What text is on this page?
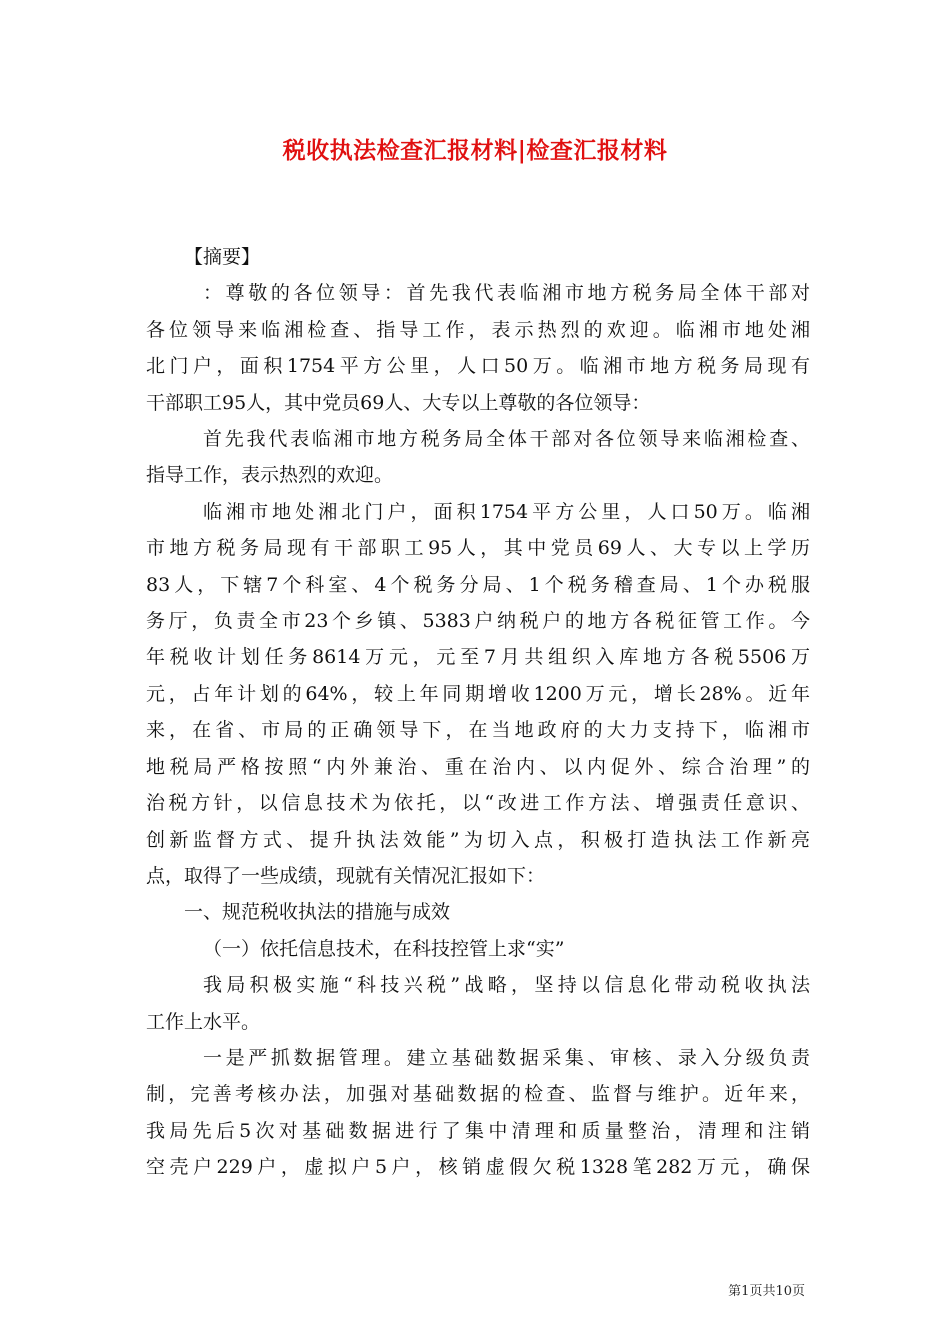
税收执法检查汇报材料|检查汇报材料
【摘要】
：尊敬的各位领导：首先我代表临湘市地方税务局全体干部对
各位领导来临湘检查、指导工作，表示热烈的欢迎。临湘市地处湘
北门户，面积1754平方公里，人口50万。临湘市地方税务局现有
干部职工95人，其中党员69人、大专以上尊敬的各位领导：
首先我代表临湘市地方税务局全体干部对各位领导来临湘检查、
指导工作，表示热烈的欢迎。
临湘市地处湘北门户，面积1754平方公里，人口50万。临湘
市地方税务局现有干部职工95人，其中党员69人、大专以上学历
83人，下辖7个科室、4个税务分局、1个税务稽查局、1个办税服
务厅，负责全市23个乡镇、5383户纳税户的地方各税征管工作。今
年税收计划任务8614万元，元至7月共组织入库地方各税5506万
元，占年计划的64%，较上年同期增收1200万元，增长28%。近年
来，在省、市局的正确领导下，在当地政府的大力支持下，临湘市
地税局严格按照“内外兼治、重在治内、以内促外、综合治理”的
治税方针，以信息技术为依托，以“改进工作方法、增强责任意识、
创新监督方式、提升执法效能”为切入点，积极打造执法工作新亮
点，取得了一些成绩，现就有关情况汇报如下：
一、规范税收执法的措施与成效
（一）依托信息技术，在科技控管上求“实”
我局积极实施“科技兴税”战略，坚持以信息化带动税收执法
工作上水平。
一是严抓数据管理。建立基础数据采集、审核、录入分级负责
制，完善考核办法，加强对基础数据的检查、监督与维护。近年来，
我局先后5次对基础数据进行了集中清理和质量整治，清理和注销
空壳户229户，虚拟户5户，核销虚假欠税1328笔282万元，确保
第1页共10页
